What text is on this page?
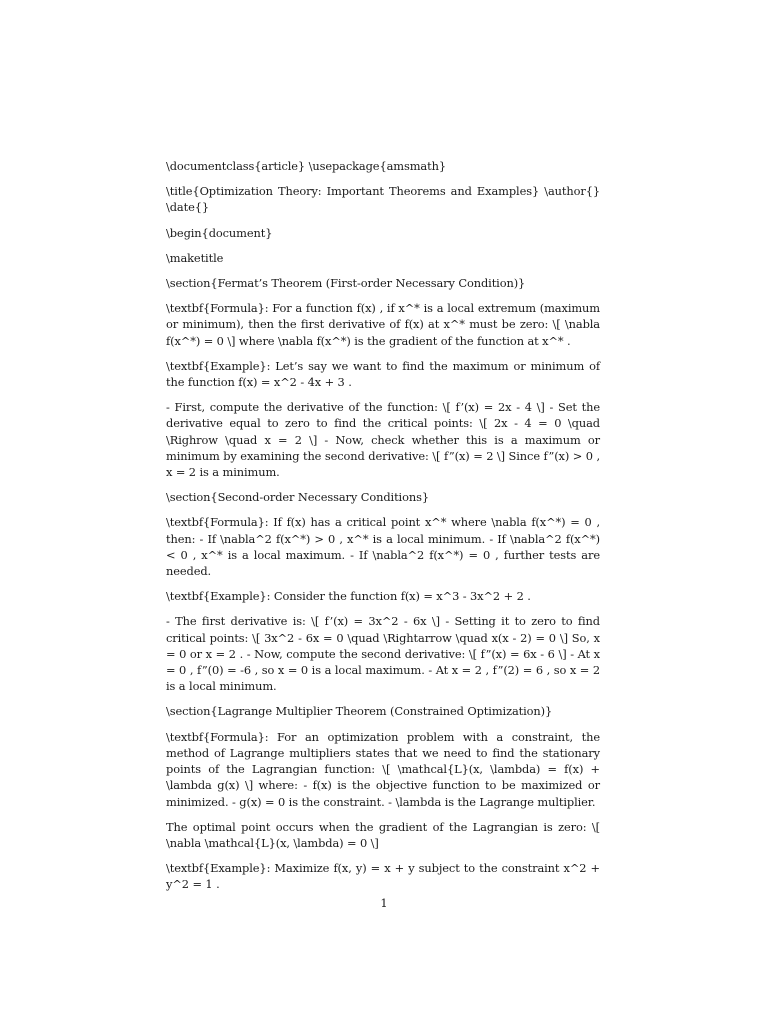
\documentclass{article} \usepackage{amsmath}

\title{Optimization Theory: Important Theorems and Examples} \author{} \date{}

\begin{document}

\maketitle

\section{Fermat’s Theorem (First-order Necessary Condition)}

\textbf{Formula}: For a function f(x) , if x^* is a local extremum (maximum or minimum), then the first derivative of f(x) at x^* must be zero: \[ \nabla f(x^*) = 0 \] where \nabla f(x^*) is the gradient of the function at x^* .

\textbf{Example}: Let’s say we want to find the maximum or minimum of the function f(x) = x^2 - 4x + 3 .

- First, compute the derivative of the function: \[ f’(x) = 2x - 4 \] - Set the derivative equal to zero to find the critical points: \[ 2x - 4 = 0 \quad \Righrow \quad x = 2 \] - Now, check whether this is a maximum or minimum by examining the second derivative: \[ f”(x) = 2 \] Since f”(x) > 0 , x = 2 is a minimum.

\section{Second-order Necessary Conditions}

\textbf{Formula}: If f(x) has a critical point x^* where \nabla f(x^*) = 0 , then: - If \nabla^2 f(x^*) > 0 , x^* is a local minimum. - If \nabla^2 f(x^*) < 0 , x^* is a local maximum. - If \nabla^2 f(x^*) = 0 , further tests are needed.

\textbf{Example}: Consider the function f(x) = x^3 - 3x^2 + 2 .

- The first derivative is: \[ f’(x) = 3x^2 - 6x \] - Setting it to zero to find critical points: \[ 3x^2 - 6x = 0 \quad \Rightarrow \quad x(x - 2) = 0 \] So, x = 0 or x = 2 . - Now, compute the second derivative: \[ f”(x) = 6x - 6 \] - At x = 0 , f”(0) = -6 , so x = 0 is a local maximum. - At x = 2 , f”(2) = 6 , so x = 2 is a local minimum.

\section{Lagrange Multiplier Theorem (Constrained Optimization)}

\textbf{Formula}: For an optimization problem with a constraint, the method of Lagrange multipliers states that we need to find the stationary points of the Lagrangian function: \[ \mathcal{L}(x, \lambda) = f(x) + \lambda g(x) \] where: - f(x) is the objective function to be maximized or minimized. - g(x) = 0 is the constraint. - \lambda is the Lagrange multiplier.

The optimal point occurs when the gradient of the Lagrangian is zero: \[ \nabla \mathcal{L}(x, \lambda) = 0 \]

\textbf{Example}: Maximize f(x, y) = x + y subject to the constraint x^2 + y^2 = 1 .

1
